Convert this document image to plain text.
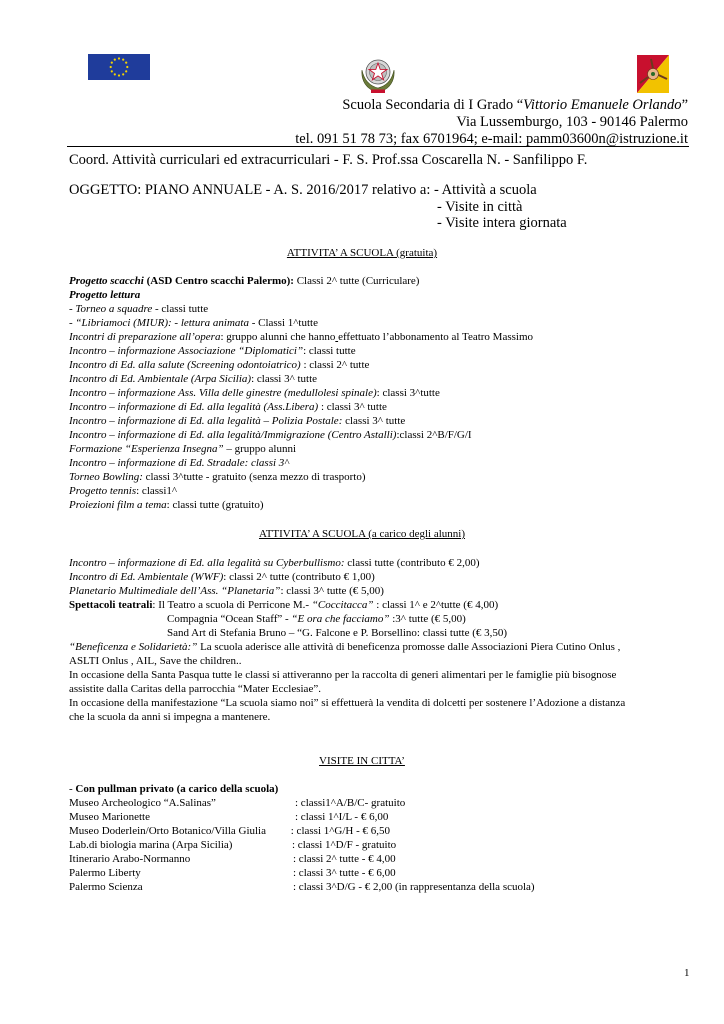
Scuola Secondaria di I Grado “Vittorio Emanuele Orlando”
Via Lussemburgo, 103 - 90146 Palermo
tel. 091 51 78 73; fax 6701964; e-mail: pamm03600n@istruzione.it
Coord. Attività curriculari ed extracurriculari - F. S. Prof.ssa Coscarella N. - Sanfilippo F.
OGGETTO: PIANO ANNUALE - A. S. 2016/2017 relativo a: - Attività a scuola
- Visite in città
- Visite intera giornata
ATTIVITA’ A SCUOLA (gratuita)
Progetto scacchi (ASD Centro scacchi Palermo): Classi 2^ tutte (Curriculare)
Progetto lettura
- Torneo a squadre - classi tutte
- “Libriamoci (MIUR): - lettura animata - Classi 1^tutte
Incontri di preparazione all’opera: gruppo alunni che hanno effettuato l’abbonamento al Teatro Massimo
Incontro – informazione Associazione “Diplomatici”: classi tutte
Incontro di Ed. alla salute (Screening odontoiatrico) : classi 2^ tutte
Incontro di Ed. Ambientale (Arpa Sicilia): classi 3^ tutte
Incontro – informazione Ass. Villa delle ginestre (medullolesi spinale): classi 3^tutte
Incontro – informazione di Ed. alla legalità (Ass.Libera) : classi 3^ tutte
Incontro – informazione di Ed. alla legalità – Polizia Postale: classi 3^ tutte
Incontro – informazione di Ed. alla legalità/Immigrazione (Centro Astalli):classi 2^B/F/G/I
Formazione “Esperienza Insegna” – gruppo alunni
Incontro – informazione di Ed. Stradale: classi 3^
Torneo Bowling: classi 3^tutte - gratuito (senza mezzo di trasporto)
Progetto tennis: classi1^
Proiezioni film a tema: classi tutte (gratuito)
ATTIVITA’ A SCUOLA (a carico degli alunni)
Incontro – informazione di Ed. alla legalità su Cyberbullismo: classi tutte (contributo € 2,00)
Incontro di Ed. Ambientale (WWF): classi 2^ tutte (contributo € 1,00)
Planetario Multimediale dell’Ass. “Planetaria”: classi 3^ tutte (€ 5,00)
Spettacoli teatrali: Il Teatro a scuola di Perricone M.- “Coccitacca” : classi 1^ e 2^tutte (€ 4,00)
Compagnia “Ocean Staff” - “E ora che facciamo” :3^ tutte (€ 5,00)
Sand Art di Stefania Bruno – “G. Falcone e P. Borsellino: classi tutte (€ 3,50)
“Beneficenza e Solidarietà:” La scuola aderisce alle attività di beneficenza promosse dalle Associazioni Piera Cutino Onlus ,
ASLTI Onlus , AIL, Save the children..
In occasione della Santa Pasqua tutte le classi si attiveranno per la raccolta di generi alimentari per le famiglie più bisognose
assistite dalla Caritas della parrocchia “Mater Ecclesiae”.
In occasione della manifestazione “La scuola siamo noi” si effettuerà la vendita di dolcetti per sostenere l’Adozione a distanza
che la scuola da anni si impegna a mantenere.
VISITE IN CITTA’
- Con pullman privato (a carico della scuola)
Museo Archeologico “A.Salinas”	: classi1^A/B/C- gratuito
Museo Marionette	: classi 1^I/L - € 6,00
Museo Doderlein/Orto Botanico/Villa Giulia : classi 1^G/H - € 6,50
Lab.di biologia marina (Arpa Sicilia)	: classi 1^D/F - gratuito
Itinerario Arabo-Normanno	: classi 2^ tutte - € 4,00
Palermo Liberty	: classi 3^ tutte - € 6,00
Palermo Scienza	: classi 3^D/G - € 2,00 (in rappresentanza della scuola)
1
